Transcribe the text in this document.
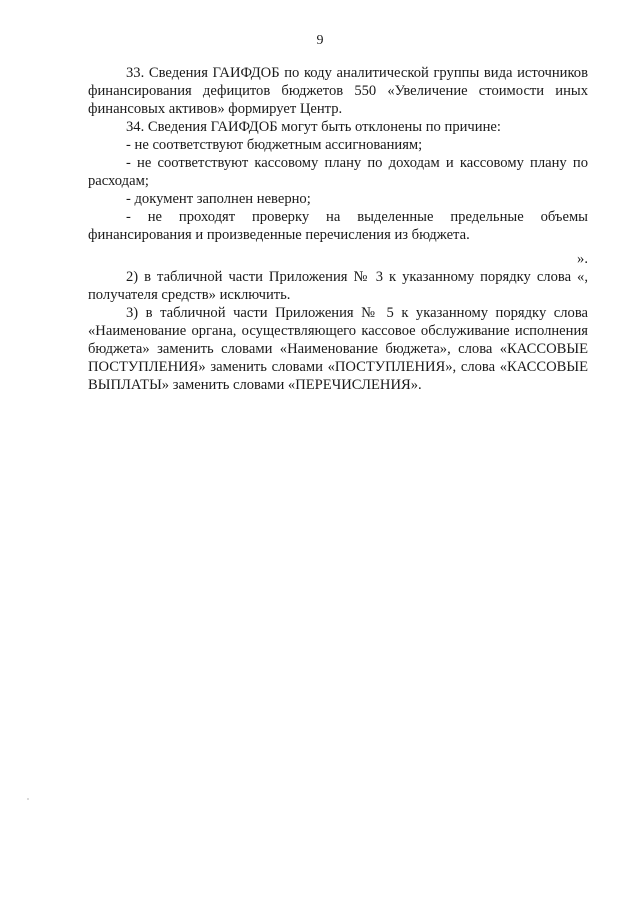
9

33. Сведения ГАИФДОБ по коду аналитической группы вида источников финансирования дефицитов бюджетов 550 «Увеличение стоимости иных финансовых активов» формирует Центр.

34. Сведения ГАИФДОБ могут быть отклонены по причине:

- не соответствуют бюджетным ассигнованиям;

- не соответствуют кассовому плану по доходам и кассовому плану по расходам;

- документ заполнен неверно;

- не проходят проверку на выделенные предельные объемы финансирования и произведенные перечисления из бюджета.

».

2) в табличной части Приложения № 3 к указанному порядку слова «, получателя средств» исключить.

3) в табличной части Приложения № 5 к указанному порядку слова «Наименование органа, осуществляющего кассовое обслуживание исполнения бюджета» заменить словами «Наименование бюджета», слова «КАССОВЫЕ ПОСТУПЛЕНИЯ» заменить словами «ПОСТУПЛЕНИЯ», слова «КАССОВЫЕ ВЫПЛАТЫ» заменить словами «ПЕРЕЧИСЛЕНИЯ».
